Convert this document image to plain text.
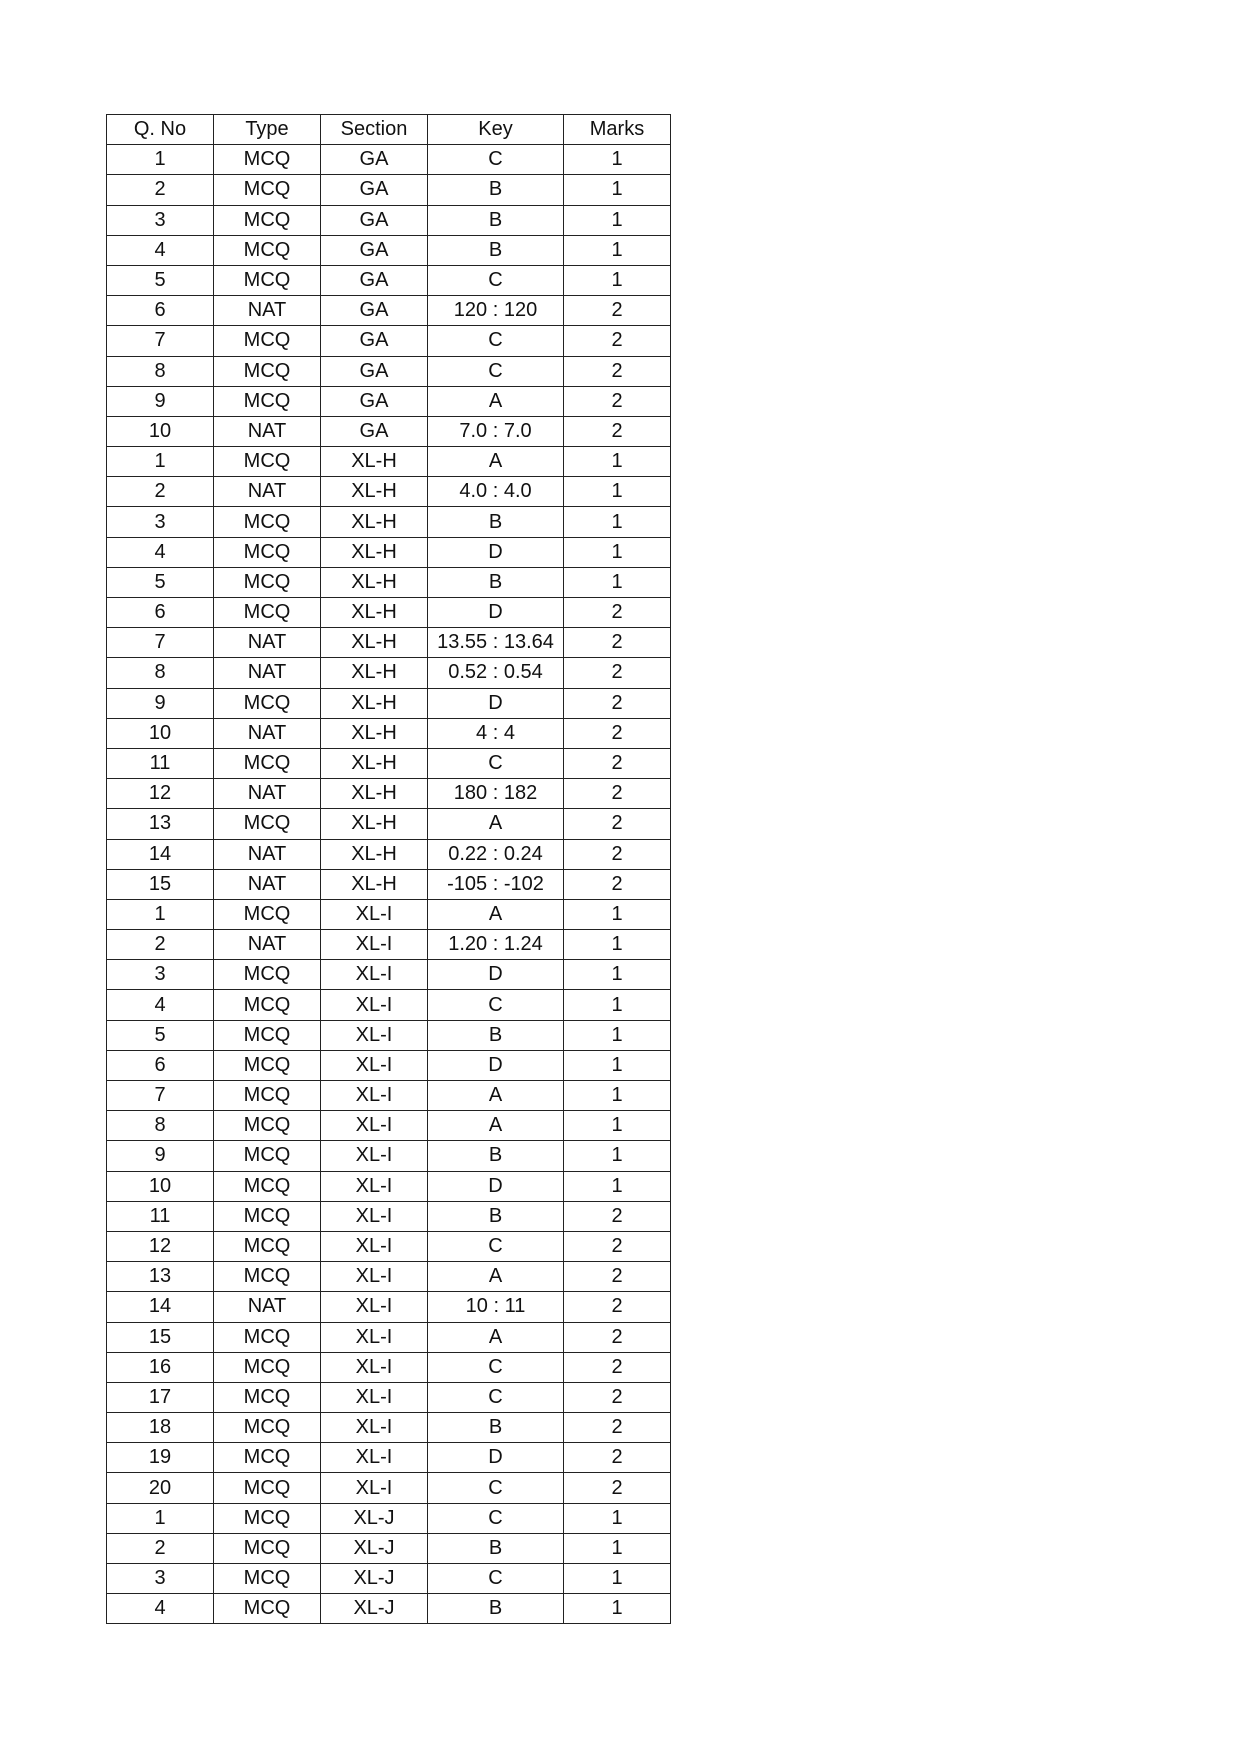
Q. No	Type	Section	Key	Marks
1	MCQ	GA	C	1
2	MCQ	GA	B	1
3	MCQ	GA	B	1
4	MCQ	GA	B	1
5	MCQ	GA	C	1
6	NAT	GA	120 : 120	2
7	MCQ	GA	C	2
8	MCQ	GA	C	2
9	MCQ	GA	A	2
10	NAT	GA	7.0 : 7.0	2
1	MCQ	XL-H	A	1
2	NAT	XL-H	4.0 : 4.0	1
3	MCQ	XL-H	B	1
4	MCQ	XL-H	D	1
5	MCQ	XL-H	B	1
6	MCQ	XL-H	D	2
7	NAT	XL-H	13.55 : 13.64	2
8	NAT	XL-H	0.52 : 0.54	2
9	MCQ	XL-H	D	2
10	NAT	XL-H	4 : 4	2
11	MCQ	XL-H	C	2
12	NAT	XL-H	180 : 182	2
13	MCQ	XL-H	A	2
14	NAT	XL-H	0.22 : 0.24	2
15	NAT	XL-H	-105 : -102	2
1	MCQ	XL-I	A	1
2	NAT	XL-I	1.20 : 1.24	1
3	MCQ	XL-I	D	1
4	MCQ	XL-I	C	1
5	MCQ	XL-I	B	1
6	MCQ	XL-I	D	1
7	MCQ	XL-I	A	1
8	MCQ	XL-I	A	1
9	MCQ	XL-I	B	1
10	MCQ	XL-I	D	1
11	MCQ	XL-I	B	2
12	MCQ	XL-I	C	2
13	MCQ	XL-I	A	2
14	NAT	XL-I	10 : 11	2
15	MCQ	XL-I	A	2
16	MCQ	XL-I	C	2
17	MCQ	XL-I	C	2
18	MCQ	XL-I	B	2
19	MCQ	XL-I	D	2
20	MCQ	XL-I	C	2
1	MCQ	XL-J	C	1
2	MCQ	XL-J	B	1
3	MCQ	XL-J	C	1
4	MCQ	XL-J	B	1
